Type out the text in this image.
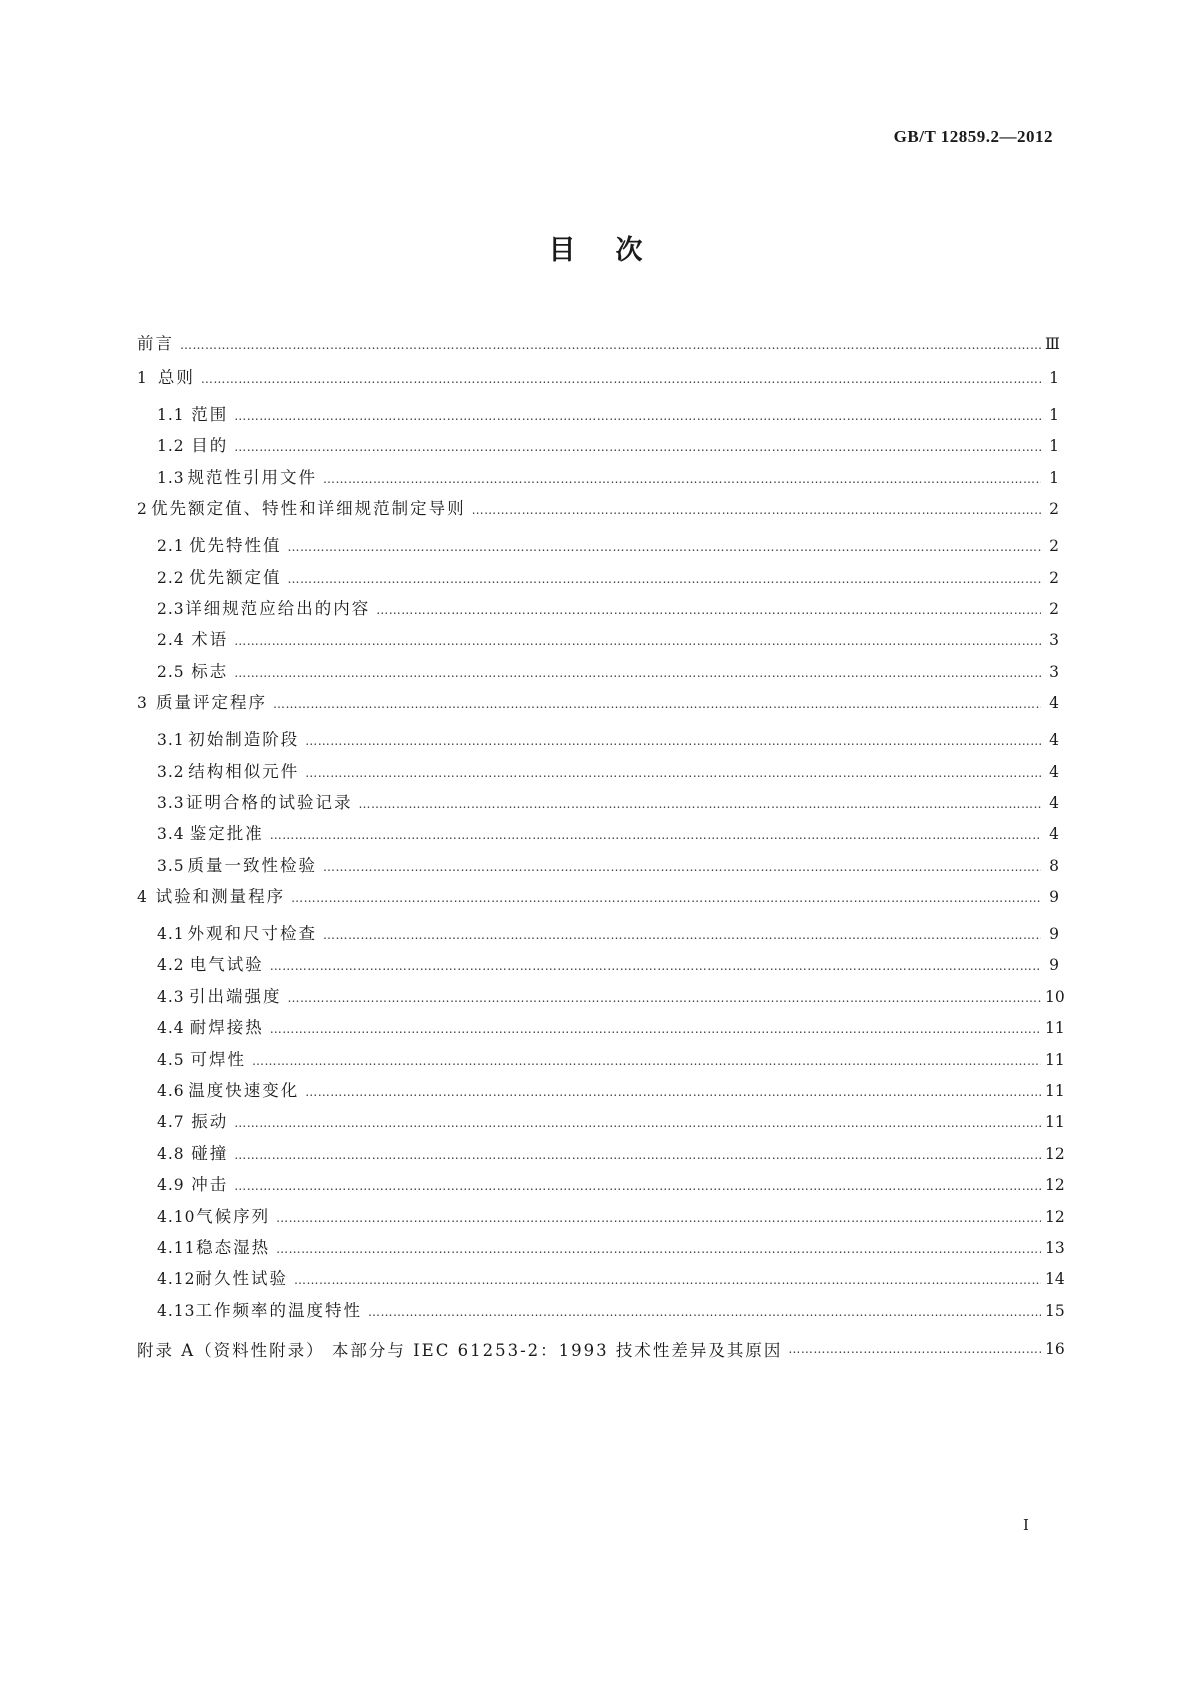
GB/T 12859.2—2012
目次
前言 …………………………………………………………………………………………………………………………………………………………………………………………………………………………………………………………………………	Ⅲ
1 总则 …………………………………………………………………………………………………………………………………………………………………………………………………………………………………………………………………………	1
1.1 范围 …………………………………………………………………………………………………………………………………………………………………………………………………………………………………………………………………………	1
1.2 目的 …………………………………………………………………………………………………………………………………………………………………………………………………………………………………………………………………………	1
1.3 规范性引用文件 …………………………………………………………………………………………………………………………………………………………………………………………………………………………………………………………………………	1
2 优先额定值、特性和详细规范制定导则 …………………………………………………………………………………………………………………………………………………………………………………………………………………………………………………………………………	2
2.1 优先特性值 …………………………………………………………………………………………………………………………………………………………………………………………………………………………………………………………………………	2
2.2 优先额定值 …………………………………………………………………………………………………………………………………………………………………………………………………………………………………………………………………………	2
2.3 详细规范应给出的内容 …………………………………………………………………………………………………………………………………………………………………………………………………………………………………………………………………………	2
2.4 术语 …………………………………………………………………………………………………………………………………………………………………………………………………………………………………………………………………………	3
2.5 标志 …………………………………………………………………………………………………………………………………………………………………………………………………………………………………………………………………………	3
3 质量评定程序 …………………………………………………………………………………………………………………………………………………………………………………………………………………………………………………………………………	4
3.1 初始制造阶段 …………………………………………………………………………………………………………………………………………………………………………………………………………………………………………………………………………	4
3.2 结构相似元件 …………………………………………………………………………………………………………………………………………………………………………………………………………………………………………………………………………	4
3.3 证明合格的试验记录 …………………………………………………………………………………………………………………………………………………………………………………………………………………………………………………………………………	4
3.4 鉴定批准 …………………………………………………………………………………………………………………………………………………………………………………………………………………………………………………………………………	4
3.5 质量一致性检验 …………………………………………………………………………………………………………………………………………………………………………………………………………………………………………………………………………	8
4 试验和测量程序 …………………………………………………………………………………………………………………………………………………………………………………………………………………………………………………………………………	9
4.1 外观和尺寸检查 …………………………………………………………………………………………………………………………………………………………………………………………………………………………………………………………………………	9
4.2 电气试验 …………………………………………………………………………………………………………………………………………………………………………………………………………………………………………………………………………	9
4.3 引出端强度 …………………………………………………………………………………………………………………………………………………………………………………………………………………………………………………………………………	10
4.4 耐焊接热 …………………………………………………………………………………………………………………………………………………………………………………………………………………………………………………………………………	11
4.5 可焊性 …………………………………………………………………………………………………………………………………………………………………………………………………………………………………………………………………………	11
4.6 温度快速变化 …………………………………………………………………………………………………………………………………………………………………………………………………………………………………………………………………………	11
4.7 振动 …………………………………………………………………………………………………………………………………………………………………………………………………………………………………………………………………………	11
4.8 碰撞 …………………………………………………………………………………………………………………………………………………………………………………………………………………………………………………………………………	12
4.9 冲击 …………………………………………………………………………………………………………………………………………………………………………………………………………………………………………………………………………	12
4.10 气候序列 …………………………………………………………………………………………………………………………………………………………………………………………………………………………………………………………………………	12
4.11 稳态湿热 …………………………………………………………………………………………………………………………………………………………………………………………………………………………………………………………………………	13
4.12 耐久性试验 …………………………………………………………………………………………………………………………………………………………………………………………………………………………………………………………………………	14
4.13 工作频率的温度特性 …………………………………………………………………………………………………………………………………………………………………………………………………………………………………………………………………………	15
附录 A（资料性附录） 本部分与 IEC 61253-2：1993 技术性差异及其原因 …………………………………………………………………………………………………………………………………………………………………………………………………………………………………………………………………………	16
I
